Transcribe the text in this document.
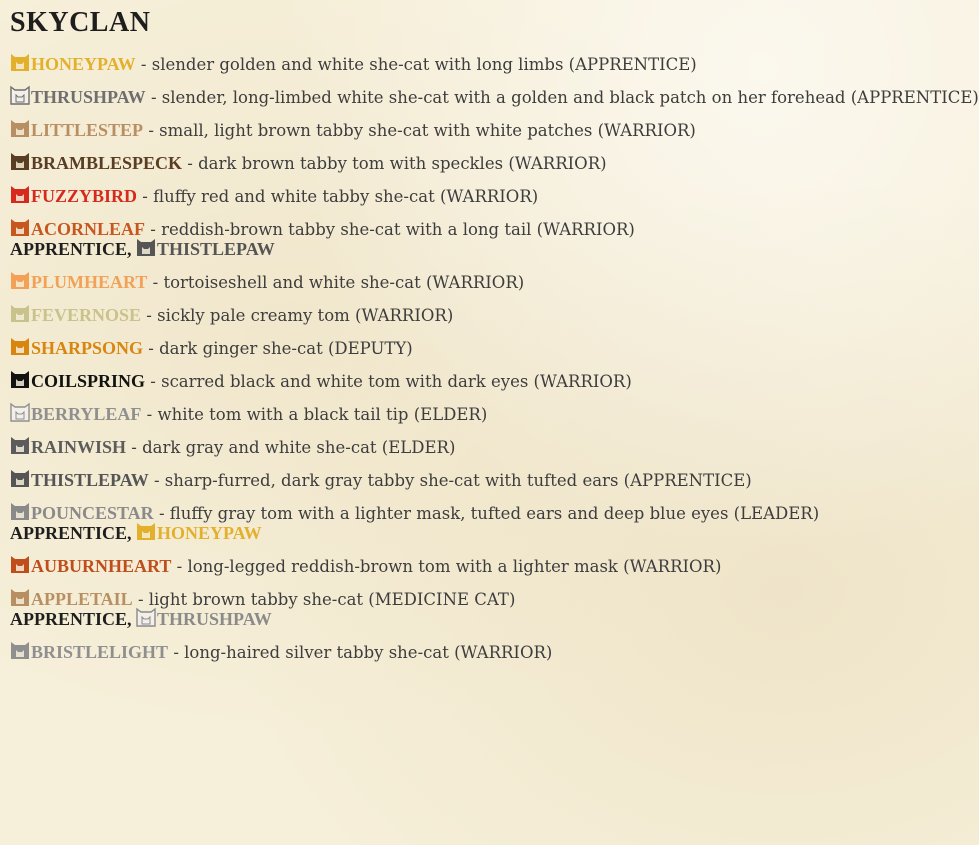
SKYCLAN
HONEYPAW - slender golden and white she-cat with long limbs (APPRENTICE)
THRUSHPAW - slender, long-limbed white she-cat with a golden and black patch on her forehead (APPRENTICE)
LITTLESTEP - small, light brown tabby she-cat with white patches (WARRIOR)
BRAMBLESPECK - dark brown tabby tom with speckles (WARRIOR)
FUZZYBIRD - fluffy red and white tabby she-cat (WARRIOR)
ACORNLEAF - reddish-brown tabby she-cat with a long tail (WARRIOR)
APPRENTICE, THISTLEPAW
PLUMHEART - tortoiseshell and white she-cat (WARRIOR)
FEVERNOSE - sickly pale creamy tom (WARRIOR)
SHARPSONG - dark ginger she-cat (DEPUTY)
COILSPRING - scarred black and white tom with dark eyes (WARRIOR)
BERRYLEAF - white tom with a black tail tip (ELDER)
RAINWISH - dark gray and white she-cat (ELDER)
THISTLEPAW - sharp-furred, dark gray tabby she-cat with tufted ears (APPRENTICE)
POUNCESTAR - fluffy gray tom with a lighter mask, tufted ears and deep blue eyes (LEADER)
APPRENTICE, HONEYPAW
AUBURNHEART - long-legged reddish-brown tom with a lighter mask (WARRIOR)
APPLETAIL - light brown tabby she-cat (MEDICINE CAT)
APPRENTICE, THRUSHPAW
BRISTLELIGHT - long-haired silver tabby she-cat (WARRIOR)
